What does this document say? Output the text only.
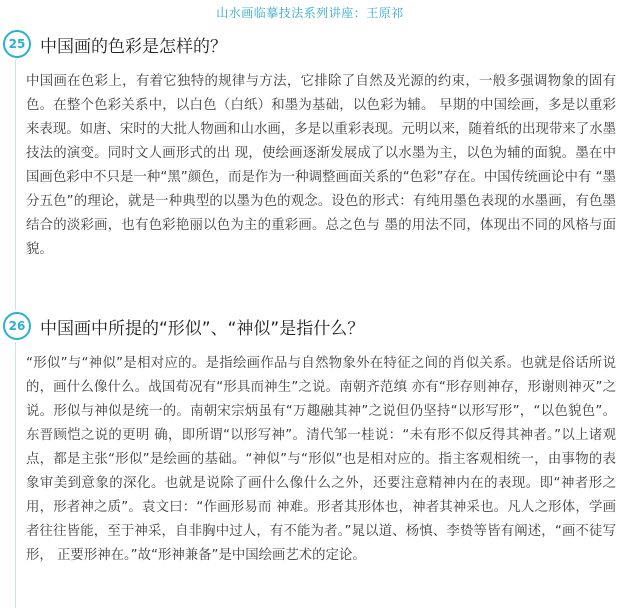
山水画临摹技法系列讲座：王原祁
25 中国画的色彩是怎样的？
中国画在色彩上，有着它独特的规律与方法，它排除了自然及光源的约束，一般多强调物象的固有色。在整个色彩关系中，以白色（白纸）和墨为基础，以色彩为辅。 早期的中国绘画，多是以重彩来表现。如唐、宋时的大批人物画和山水画，多是以重彩表现。元明以来，随着纸的出现带来了水墨技法的演变。同时文人画形式的出 现，使绘画逐渐发展成了以水墨为主，以色为辅的面貌。墨在中国画色彩中不只是一种“黑”颜色，而是作为一种调整画面关系的“色彩”存在。中国传统画论中有 “墨分五色”的理论，就是一种典型的以墨为色的观念。设色的形式：有纯用墨色表现的水墨画，有色墨结合的淡彩画，也有色彩艳丽以色为主的重彩画。总之色与 墨的用法不同，体现出不同的风格与面貌。
26 中国画中所提的“形似”、“神似”是指什么？
“形似”与“神似”是相对应的。是指绘画作品与自然物象外在特征之间的肖似关系。也就是俗话所说的，画什么像什么。战国荀况有“形具而神生”之说。南朝齐范缜 亦有“形存则神存，形谢则神灭”之说。形似与神似是统一的。南朝宋宗炳虽有“万趣融其神”之说但仍坚持“以形写形”，“以色貌色”。东晋顾恺之说的更明 确，即所谓“以形写神”。清代邹一桂说：“未有形不似反得其神者。”以上诸观点，都是主张“形似”是绘画的基础。“神似”与“形似”也是相对应的。指主客观相统一，由事物的表象审美到意象的深化。也就是说除了画什么像什么之外，还要注意精神内在的表现。即“神者形之用，形者神之质”。袁文曰：“作画形易而 神难。形者其形体也，神者其神采也。凡人之形体，学画者往往皆能，至于神采，自非胸中过人，有不能为者。”晁以道、杨慎、李贽等皆有阐述，“画不徒写形， 正要形神在。”故“形神兼备”是中国绘画艺术的定论。
